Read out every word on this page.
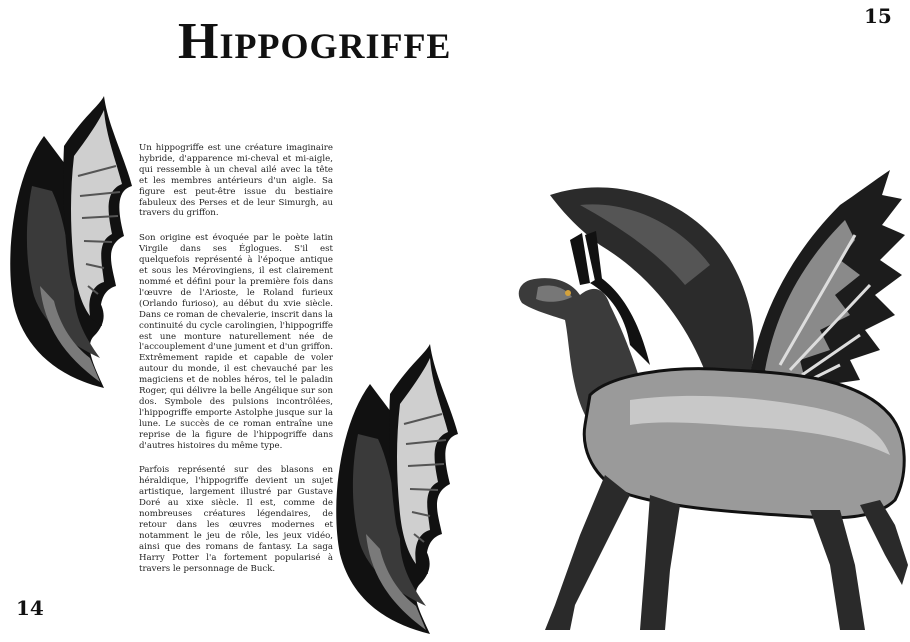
Hippogriffe
14
15

Un hippogriffe est une créature imaginaire hybride, d'apparence mi-cheval et mi-aigle, qui ressemble à un cheval ailé avec la tête et les membres antérieurs d'un aigle. Sa figure est peut-être issue du bestiaire fabuleux des Perses et de leur Simurgh, au travers du griffon.

Son origine est évoquée par le poète latin Virgile dans ses Églogues. S'il est quelquefois représenté à l'époque antique et sous les Mérovingiens, il est clairement nommé et défini pour la première fois dans l'œuvre de l'Arioste, le Roland furieux (Orlando furioso), au début du xvie siècle. Dans ce roman de chevalerie, inscrit dans la continuité du cycle carolingien, l'hippogriffe est une monture naturellement née de l'accouplement d'une jument et d'un griffon. Extrêmement rapide et capable de voler autour du monde, il est chevauché par les magiciens et de nobles héros, tel le paladin Roger, qui délivre la belle Angélique sur son dos. Symbole des pulsions incontrôlées, l'hippogriffe emporte Astolphe jusque sur la lune. Le succès de ce roman entraîne une reprise de la figure de l'hippogriffe dans d'autres histoires du même type.

Parfois représenté sur des blasons en héraldique, l'hippogriffe devient un sujet artistique, largement illustré par Gustave Doré au xixe siècle. Il est, comme de nombreuses créatures légendaires, de retour dans les œuvres modernes et notamment le jeu de rôle, les jeux vidéo, ainsi que des romans de fantasy. La saga Harry Potter l'a fortement popularisé à travers le personnage de Buck.
